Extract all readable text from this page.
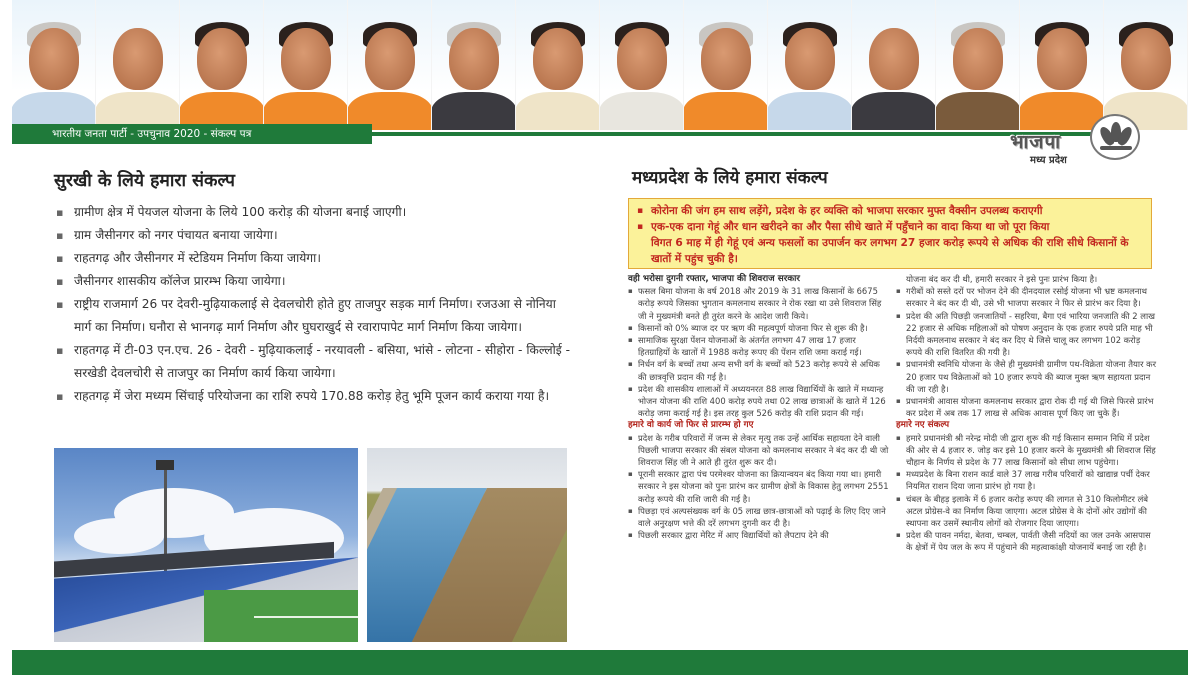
भारतीय जनता पार्टी - उपचुनाव 2020 - संकल्प पत्र	भाजपा
मध्य प्रदेश
सुरखी के लिये हमारा संकल्प
▪ ग्रामीण क्षेत्र में पेयजल योजना के लिये 100 करोड़ की योजना बनाई जाएगी।
▪ ग्राम जैसीनगर को नगर पंचायत बनाया जायेगा।
▪ राहतगढ़ और जैसीनगर में स्टेडियम निर्माण किया जायेगा।
▪ जैसीनगर शासकीय कॉलेज प्रारम्भ किया जायेगा।
▪ राष्ट्रीय राजमार्ग 26 पर देवरी-मुढ़ियाकलाई से देवलचोरी होते हुए ताजपुर सड़क मार्ग निर्माण। रजउआ से नोनिया मार्ग का निर्माण। घनौरा से भानगढ़ मार्ग निर्माण और घुघराखुर्द से रवारापापेट मार्ग निर्माण किया जायेगा।
▪ राहतगढ़ में टी-03 एन.एच. 26 - देवरी - मुढ़ियाकलाई - नरयावली - बसिया, भांसे - लोटना - सीहोरा - किल्लोई - सरखेडी देवलचोरी से ताजपुर का निर्माण कार्य किया जायेगा।
▪ राहतगढ़ में जेरा मध्यम सिंचाई परियोजना का राशि रुपये 170.88 करोड़ हेतु भूमि पूजन कार्य कराया गया है।
मध्यप्रदेश के लिये हमारा संकल्प
▪ कोरोना की जंग हम साथ लड़ेंगे, प्रदेश के हर व्यक्ति को भाजपा सरकार मुफ्त वैक्सीन उपलब्ध कराएगी
▪ एक-एक दाना गेहूं और धान खरीदने का और पैसा सीधे खाते में पहुँचाने का वादा किया था जो पूरा किया
विगत 6 माह में ही गेहूं एवं अन्य फसलों का उपार्जन कर लगभग 27 हजार करोड़ रूपये से अधिक की राशि सीधे किसानों के खातों में पहुंच चुकी है।
वही भरोसा दुगनी रफ्तार, भाजपा की शिवराज सरकार
▪ फसल बिमा योजना के वर्ष 2018 और 2019 के 31 लाख किसानों के 6675 करोड़ रूपये जिसका भुगतान कमलनाथ सरकार ने रोक रखा था उसे शिवराज सिंह जी ने मुख्यमंत्री बनते ही तुरंत करने के आदेश जारी किये।
▪ किसानों को 0% ब्याज दर पर ऋण की महत्वपूर्ण योजना फिर से शुरू की है।
▪ सामाजिक सुरक्षा पेंशन योजनाओं के अंतर्गत लगभग 47 लाख 17 हजार हितग्राहियों के खातों में 1988 करोड़ रूपए की पेंशन राशि जमा कराई गई।
▪ निर्धन वर्ग के बच्चों तथा अन्य सभी वर्ग के बच्चों को 523 करोड़ रूपये से अधिक की छात्रवृत्ति प्रदान की गई है।
▪ प्रदेश की शासकीय शालाओं में अध्ययनरत 88 लाख विद्यार्थियों के खाते में मध्यान्ह भोजन योजना की राशि 400 करोड़ रुपये तथा 02 लाख छात्राओं के खाते में 126 करोड़ जमा कराई गई है। इस तरह कुल 526 करोड़ की राशि प्रदान की गई।
हमारे वो कार्य जो फिर से प्रारम्भ हो गए
▪ प्रदेश के गरीब परिवारों में जन्म से लेकर मृत्यु तक उन्हें आर्थिक सहायता देने वाली पिछली भाजपा सरकार की संबल योजना को कमलनाथ सरकार ने बंद कर दी थी जो शिवराज सिंह जी ने आते ही तुरंत शुरू कर दी।
▪ पूरानी सरकार द्वारा पंच परमेश्वर योजना का क्रियान्वयन बंद किया गया था। हमारी सरकार ने इस योजना को पुनः प्रारंभ कर ग्रामीण क्षेत्रों के विकास हेतु लगभग 2551 करोड़ रूपये की राशि जारी की गई है।
▪ पिछड़ा एवं अल्पसंख्यक वर्ग के 05 लाख छात्र-छात्राओं को पढ़ाई के लिए दिए जाने वाले अनुरक्षण भत्ते की दरें लगभग दुगनी कर दी है।
▪ पिछली सरकार द्वारा मेरिट में आए विद्यार्थियों को लैपटाप देने की
योजना बंद कर दी थी, हमारी सरकार ने इसे पुनः प्रारंभ किया है।
▪ गरीबों को सस्ते दरों पर भोजन देने की दीनदयाल रसोई योजना भी भ्रष्ट कमलनाथ सरकार ने बंद कर दी थी, उसे भी भाजपा सरकार ने फिर से प्रारंभ कर दिया है।
▪ प्रदेश की अति पिछड़ी जनजातियों - सहरिया, बैगा एवं भारिया जनजाति की 2 लाख 22 हजार से अधिक महिलाओं को पोषण अनुदान के एक हजार रुपये प्रति माह भी निर्दयी कमलनाथ सरकार ने बंद कर दिए थे जिसे चालू कर लगभग 102 करोड़ रूपये की राशि वितरित की गयी है।
▪ प्रधानमंत्री स्वनिधि योजना के जैसे ही मुख्यमंत्री ग्रामीण पथ-विक्रेता योजना तैयार कर 20 हजार पथ विक्रेताओं को 10 हजार रूपये की ब्याज मुक्त ऋण सहायता प्रदान की जा रही है।
▪ प्रधानमंत्री आवास योजना कमलनाथ सरकार द्वारा रोक दी गई थी जिसे फिरसे प्रारंभ कर प्रदेश में अब तक 17 लाख से अधिक आवास पूर्ण किए जा चुके हैं।
हमारे नए संकल्प
▪ हमारे प्रधानमंत्री श्री नरेन्द्र मोदी जी द्वारा शुरू की गई किसान सम्मान निधि में प्रदेश की ओर से 4 हजार रु. जोड़ कर इसे 10 हजार करने के मुख्यमंत्री श्री शिवराज सिंह चौहान के निर्णय से प्रदेश के 77 लाख किसानों को सीधा लाभ पहुंचेगा।
▪ मध्यप्रदेश के बिना राशन कार्ड वाले 37 लाख गरीब परिवारों को खाद्यान्न पर्ची देकर नियमित राशन दिया जाना प्रारंभ हो गया है।
▪ चंबल के बीहड़ इलाके में 6 हजार करोड़ रूपए की लागत से 310 किलोमीटर लंबे अटल प्रोग्रेस-वे का निर्माण किया जाएगा। अटल प्रोग्रेस वे के दोनों ओर उद्योगों की स्थापना कर उसमें स्थानीय लोगों को रोजगार दिया जाएगा।
▪ प्रदेश की पावन नर्मदा, बेतवा, चम्बल, पार्वती जैसी नदियों का जल उनके आसपास के क्षेत्रों में पेय जल के रूप में पहुंचाने की महत्वाकांक्षी योजनायें बनाई जा रही है।
